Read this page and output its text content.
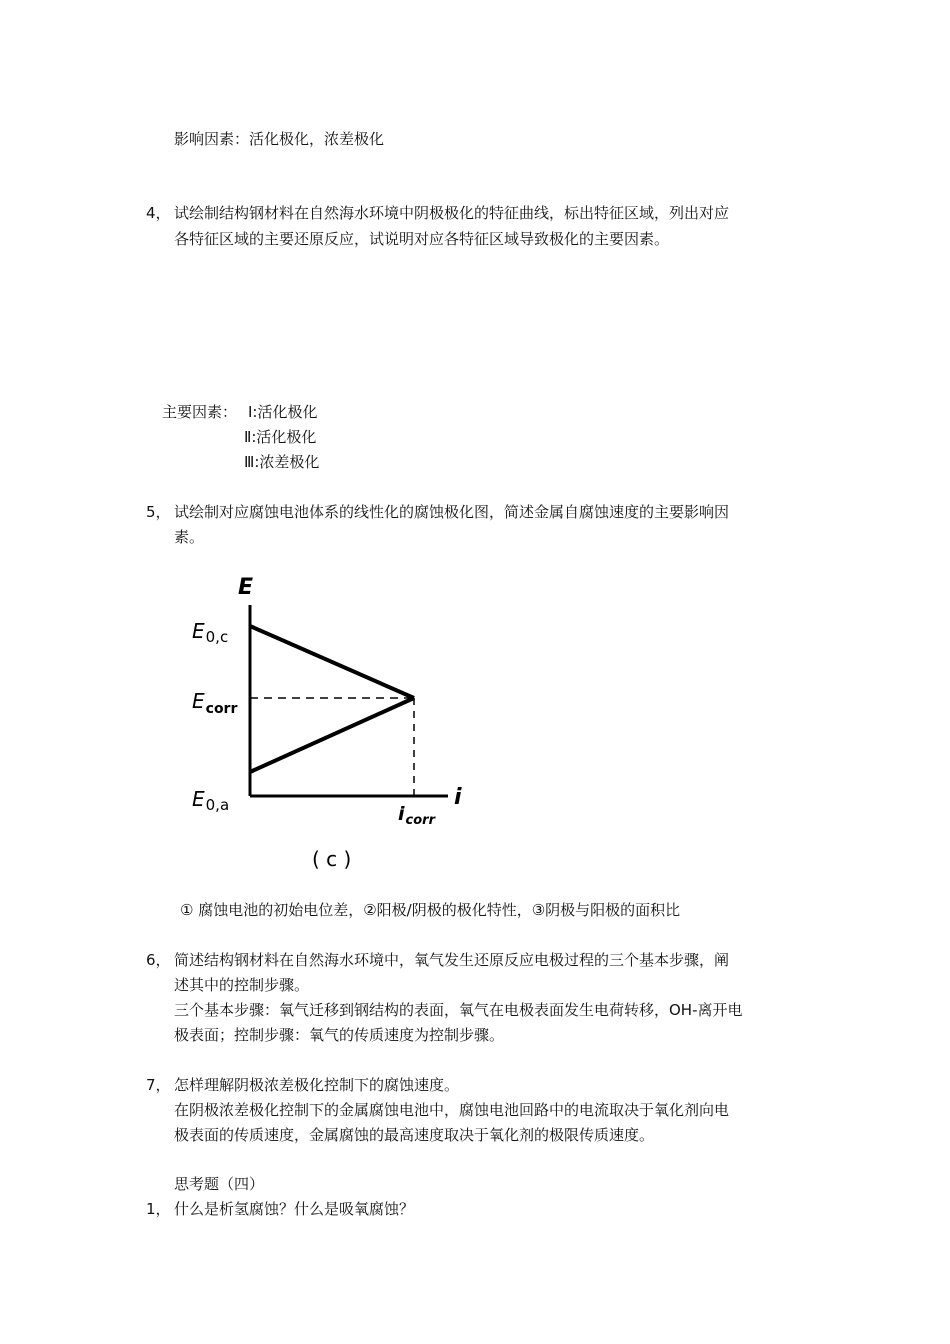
影响因素：活化极化，浓差极化
4， 试绘制结构钢材料在自然海水环境中阴极极化的特征曲线，标出特征区域，列出对应
各特征区域的主要还原反应，试说明对应各特征区域导致极化的主要因素。
主要因素： Ⅰ:活化极化
Ⅱ:活化极化
Ⅲ:浓差极化
5， 试绘制对应腐蚀电池体系的线性化的腐蚀极化图，简述金属自腐蚀速度的主要影响因
素。
E
i
$E_{0,c}$
$E_{corr}$
$E_{0,a}$	$i_{corr}$
( c )
① 腐蚀电池的初始电位差，②阳极/阴极的极化特性，③阴极与阳极的面积比
6， 简述结构钢材料在自然海水环境中，氧气发生还原反应电极过程的三个基本步骤，阐
述其中的控制步骤。
三个基本步骤：氧气迁移到钢结构的表面，氧气在电极表面发生电荷转移，OH-离开电
极表面；控制步骤：氧气的传质速度为控制步骤。
7， 怎样理解阴极浓差极化控制下的腐蚀速度。
在阴极浓差极化控制下的金属腐蚀电池中，腐蚀电池回路中的电流取决于氧化剂向电
极表面的传质速度，金属腐蚀的最高速度取决于氧化剂的极限传质速度。
思考题（四）
1， 什么是析氢腐蚀？什么是吸氧腐蚀？
